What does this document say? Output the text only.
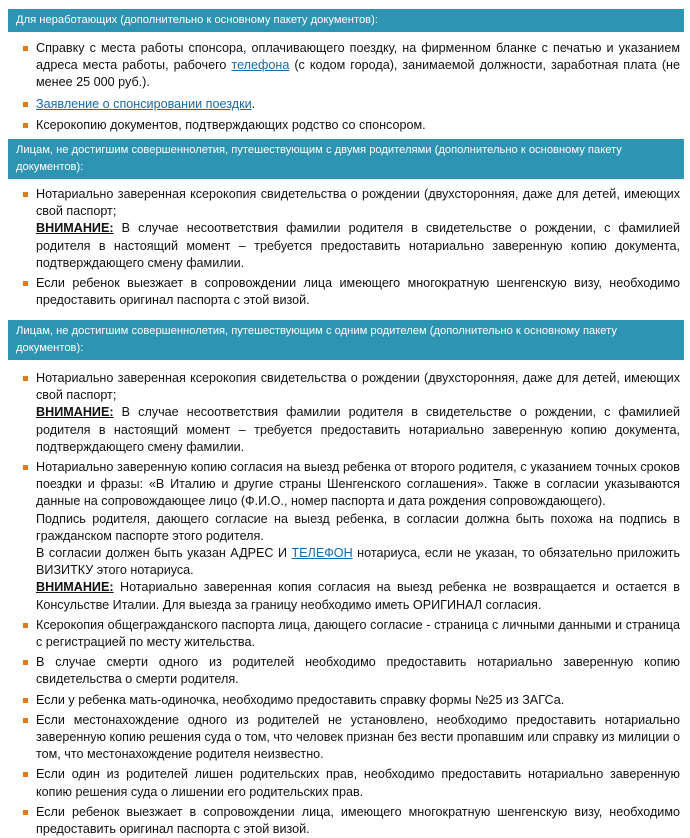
Для неработающих (дополнительно к основному пакету документов):
Справку с места работы спонсора, оплачивающего поездку, на фирменном бланке с печатью и указанием адреса места работы, рабочего телефона (с кодом города), занимаемой должности, заработная плата (не менее 25 000 руб.).
Заявление о спонсировании поездки.
Ксерокопию документов, подтверждающих родство со спонсором.
Лицам, не достигшим совершеннолетия, путешествующим с двумя родителями (дополнительно к основному пакету документов):
Нотариально заверенная ксерокопия свидетельства о рождении (двухсторонняя, даже для детей, имеющих свой паспорт;
ВНИМАНИЕ: В случае несоответствия фамилии родителя в свидетельстве о рождении, с фамилией родителя в настоящий момент – требуется предоставить нотариально заверенную копию документа, подтверждающего смену фамилии.
Если ребенок выезжает в сопровождении лица имеющего многократную шенгенскую визу, необходимо предоставить оригинал паспорта с этой визой.
Лицам, не достигшим совершеннолетия, путешествующим с одним родителем (дополнительно к основному пакету документов):
Нотариально заверенная ксерокопия свидетельства о рождении (двухсторонняя, даже для детей, имеющих свой паспорт;
ВНИМАНИЕ: В случае несоответствия фамилии родителя в свидетельстве о рождении, с фамилией родителя в настоящий момент – требуется предоставить нотариально заверенную копию документа, подтверждающего смену фамилии.
Нотариально заверенную копию согласия на выезд ребенка от второго родителя, с указанием точных сроков поездки и фразы: «В Италию и другие страны Шенгенского соглашения». Также в согласии указываются данные на сопровождающее лицо (Ф.И.О., номер паспорта и дата рождения сопровождающего).
Подпись родителя, дающего согласие на выезд ребенка, в согласии должна быть похожа на подпись в гражданском паспорте этого родителя.
В согласии должен быть указан АДРЕС И ТЕЛЕФОН нотариуса, если не указан, то обязательно приложить ВИЗИТКУ этого нотариуса.
ВНИМАНИЕ: Нотариально заверенная копия согласия на выезд ребенка не возвращается и остается в Консульстве Италии. Для выезда за границу необходимо иметь ОРИГИНАЛ согласия.
Ксерокопия общегражданского паспорта лица, дающего согласие - страница с личными данными и страница с регистрацией по месту жительства.
В случае смерти одного из родителей необходимо предоставить нотариально заверенную копию свидетельства о смерти родителя.
Если у ребенка мать-одиночка, необходимо предоставить справку формы №25 из ЗАГСа.
Если местонахождение одного из родителей не установлено, необходимо предоставить нотариально заверенную копию решения суда о том, что человек признан без вести пропавшим или справку из милиции о том, что местонахождение родителя неизвестно.
Если один из родителей лишен родительских прав, необходимо предоставить нотариально заверенную копию решения суда о лишении его родительских прав.
Если ребенок выезжает в сопровождении лица, имеющего многократную шенгенскую визу, необходимо предоставить оригинал паспорта с этой визой.
